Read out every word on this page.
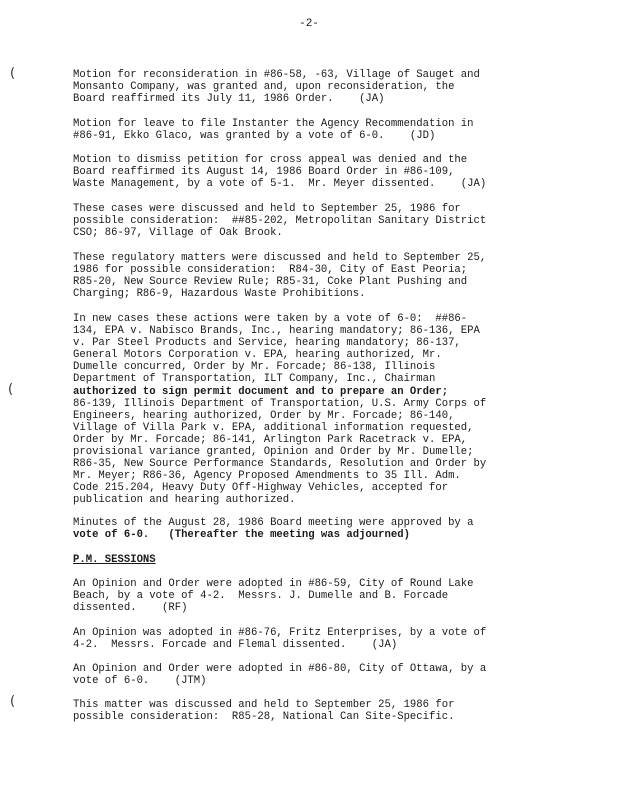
-2-
(
(
(

Motion for reconsideration in #86-58, -63, Village of Sauget and
Monsanto Company, was granted and, upon reconsideration, the
Board reaffirmed its July 11, 1986 Order.    (JA)

Motion for leave to file Instanter the Agency Recommendation in
#86-91, Ekko Glaco, was granted by a vote of 6-0.    (JD)

Motion to dismiss petition for cross appeal was denied and the
Board reaffirmed its August 14, 1986 Board Order in #86-109,
Waste Management, by a vote of 5-1.  Mr. Meyer dissented.    (JA)

These cases were discussed and held to September 25, 1986 for
possible consideration:  ##85-202, Metropolitan Sanitary District
CSO; 86-97, Village of Oak Brook.

These regulatory matters were discussed and held to September 25,
1986 for possible consideration:  R84-30, City of East Peoria;
R85-20, New Source Review Rule; R85-31, Coke Plant Pushing and
Charging; R86-9, Hazardous Waste Prohibitions.

In new cases these actions were taken by a vote of 6-0:  ##86-
134, EPA v. Nabisco Brands, Inc., hearing mandatory; 86-136, EPA
v. Par Steel Products and Service, hearing mandatory; 86-137,
General Motors Corporation v. EPA, hearing authorized, Mr.
Dumelle concurred, Order by Mr. Forcade; 86-138, Illinois
Department of Transportation, ILT Company, Inc., Chairman
authorized to sign permit document and to prepare an Order;
86-139, Illinois Department of Transportation, U.S. Army Corps of
Engineers, hearing authorized, Order by Mr. Forcade; 86-140,
Village of Villa Park v. EPA, additional information requested,
Order by Mr. Forcade; 86-141, Arlington Park Racetrack v. EPA,
provisional variance granted, Opinion and Order by Mr. Dumelle;
R86-35, New Source Performance Standards, Resolution and Order by
Mr. Meyer; R86-36, Agency Proposed Amendments to 35 Ill. Adm.
Code 215.204, Heavy Duty Off-Highway Vehicles, accepted for
publication and hearing authorized.

Minutes of the August 28, 1986 Board meeting were approved by a
vote of 6-0.   (Thereafter the meeting was adjourned)

P.M. SESSIONS

An Opinion and Order were adopted in #86-59, City of Round Lake
Beach, by a vote of 4-2.  Messrs. J. Dumelle and B. Forcade
dissented.    (RF)

An Opinion was adopted in #86-76, Fritz Enterprises, by a vote of
4-2.  Messrs. Forcade and Flemal dissented.    (JA)

An Opinion and Order were adopted in #86-80, City of Ottawa, by a
vote of 6-0.    (JTM)

This matter was discussed and held to September 25, 1986 for
possible consideration:  R85-28, National Can Site-Specific.
